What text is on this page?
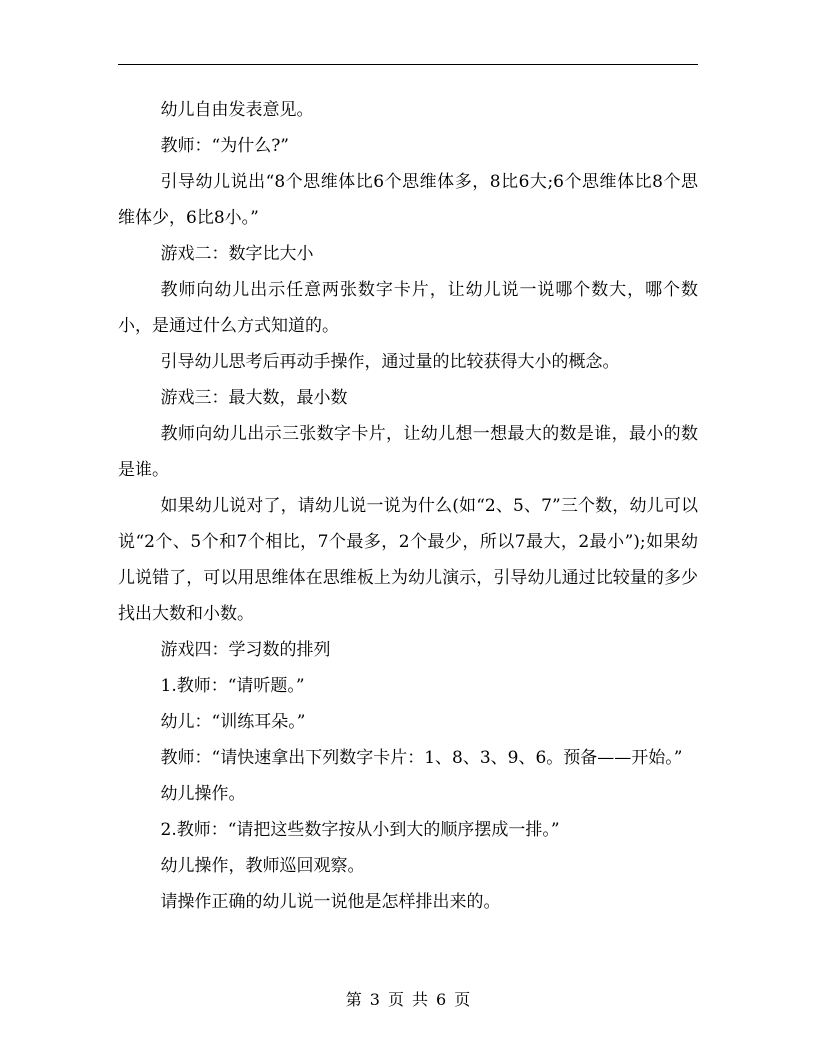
幼儿自由发表意见。

教师：“为什么?”

引导幼儿说出“8个思维体比6个思维体多，8比6大;6个思维体比8个思维体少，6比8小。”

游戏二：数字比大小

教师向幼儿出示任意两张数字卡片，让幼儿说一说哪个数大，哪个数小，是通过什么方式知道的。

引导幼儿思考后再动手操作，通过量的比较获得大小的概念。

游戏三：最大数，最小数

教师向幼儿出示三张数字卡片，让幼儿想一想最大的数是谁，最小的数是谁。

如果幼儿说对了，请幼儿说一说为什么(如“2、5、7”三个数，幼儿可以说“2个、5个和7个相比，7个最多，2个最少，所以7最大，2最小”);如果幼儿说错了，可以用思维体在思维板上为幼儿演示，引导幼儿通过比较量的多少找出大数和小数。

游戏四：学习数的排列

1.教师：“请听题。”

幼儿：“训练耳朵。”

教师：“请快速拿出下列数字卡片：1、8、3、9、6。预备——开始。”

幼儿操作。

2.教师：“请把这些数字按从小到大的顺序摆成一排。”

幼儿操作，教师巡回观察。

请操作正确的幼儿说一说他是怎样排出来的。

第 3 页 共 6 页
